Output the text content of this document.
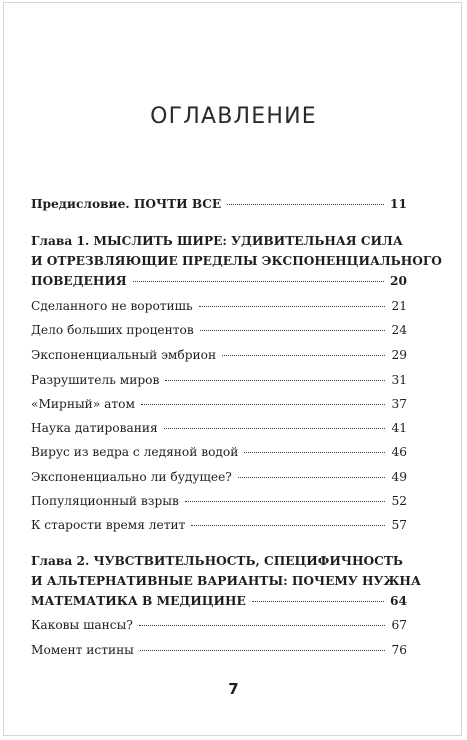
ОГЛАВЛЕНИЕ
Предисловие. ПОЧТИ ВСЕ	11
Глава 1. МЫСЛИТЬ ШИРЕ: УДИВИТЕЛЬНАЯ СИЛА
И ОТРЕЗВЛЯЮЩИЕ ПРЕДЕЛЫ ЭКСПОНЕНЦИАЛЬНОГО
ПОВЕДЕНИЯ	20
Сделанного не воротишь	21
Дело больших процентов	24
Экспоненциальный эмбрион	29
Разрушитель миров	31
«Мирный» атом	37
Наука датирования	41
Вирус из ведра с ледяной водой	46
Экспоненциально ли будущее?	49
Популяционный взрыв	52
К старости время летит	57
Глава 2. ЧУВСТВИТЕЛЬНОСТЬ, СПЕЦИФИЧНОСТЬ
И АЛЬТЕРНАТИВНЫЕ ВАРИАНТЫ: ПОЧЕМУ НУЖНА
МАТЕМАТИКА В МЕДИЦИНЕ	64
Каковы шансы?	67
Момент истины	76
7
